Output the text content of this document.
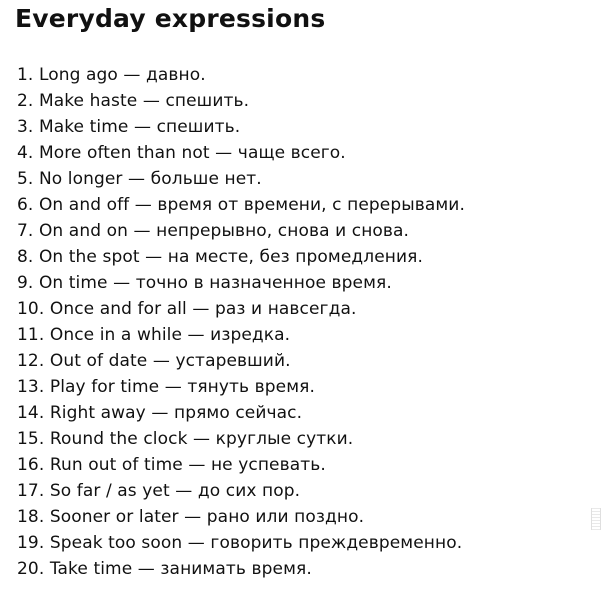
Everyday expressions
1. Long ago — давно.
2. Make haste — спешить.
3. Make time — спешить.
4. More often than not — чаще всего.
5. No longer — больше нет.
6. On and off — время от времени, с перерывами.
7. On and on — непрерывно, снова и снова.
8. On the spot — на месте, без промедления.
9. On time — точно в назначенное время.
10. Once and for all — раз и навсегда.
11. Once in a while — изредка.
12. Out of date — устаревший.
13. Play for time — тянуть время.
14. Right away — прямо сейчас.
15. Round the clock — круглые сутки.
16. Run out of time — не успевать.
17. So far / as yet — до сих пор.
18. Sooner or later — рано или поздно.
19. Speak too soon — говорить преждевременно.
20. Take time — занимать время.
